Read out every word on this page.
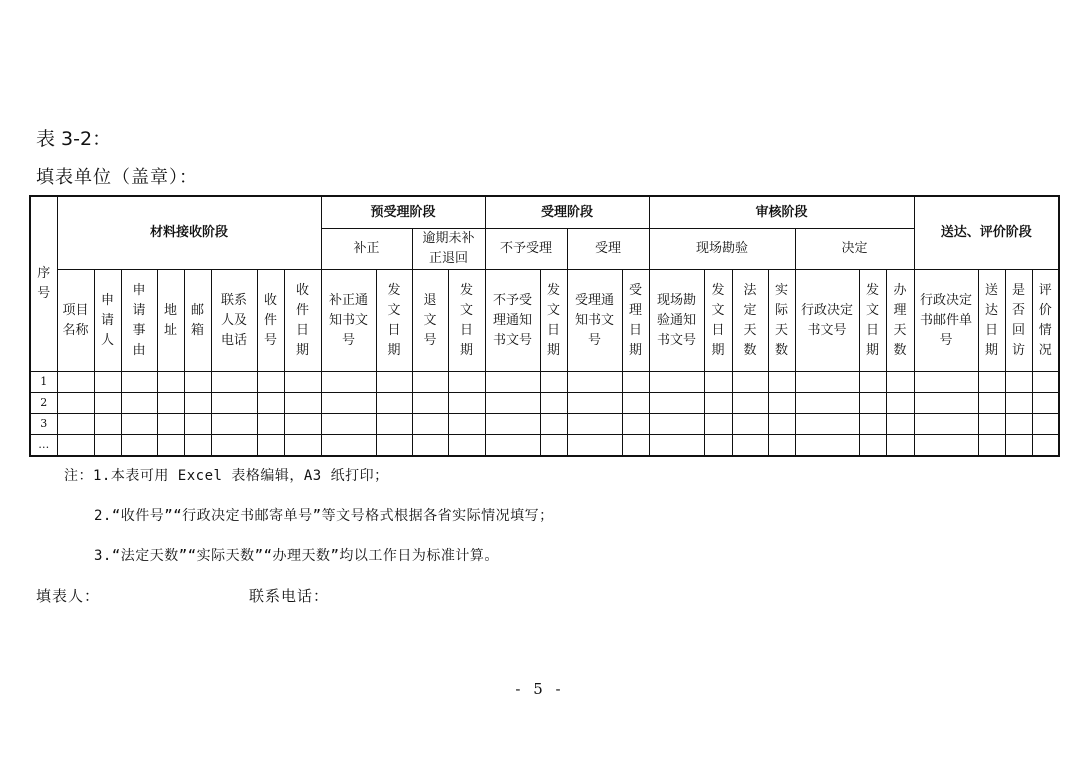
表 3-2：
填表单位（盖章）：
序号	材料接收阶段								预受理阶段				受理阶段				审核阶段							送达、评价阶段			
									补正		逾期未补正退回		不予受理		受理		现场勘验				决定						
	项目名称	申请人	申请事由	地址	邮箱	联系人及电话	收件号	收件日期	补正通知书文号	发文日期	退文号	发文日期	不予受理通知书文号	发文日期	受理通知书文号	受理日期	现场勘验通知书文号	发文日期	法定天数	实际天数	行政决定书文号	发文日期	办理天数	行政决定书邮件单号	送达日期	是否回访	评价情况
1																											
2																											
3																											
…																											
注：1.本表可用 Excel 表格编辑，A3 纸打印；
2.“收件号”“行政决定书邮寄单号”等文号格式根据各省实际情况填写；
3.“法定天数”“实际天数”“办理天数”均以工作日为标准计算。
填表人：	联系电话：
- 5 -
